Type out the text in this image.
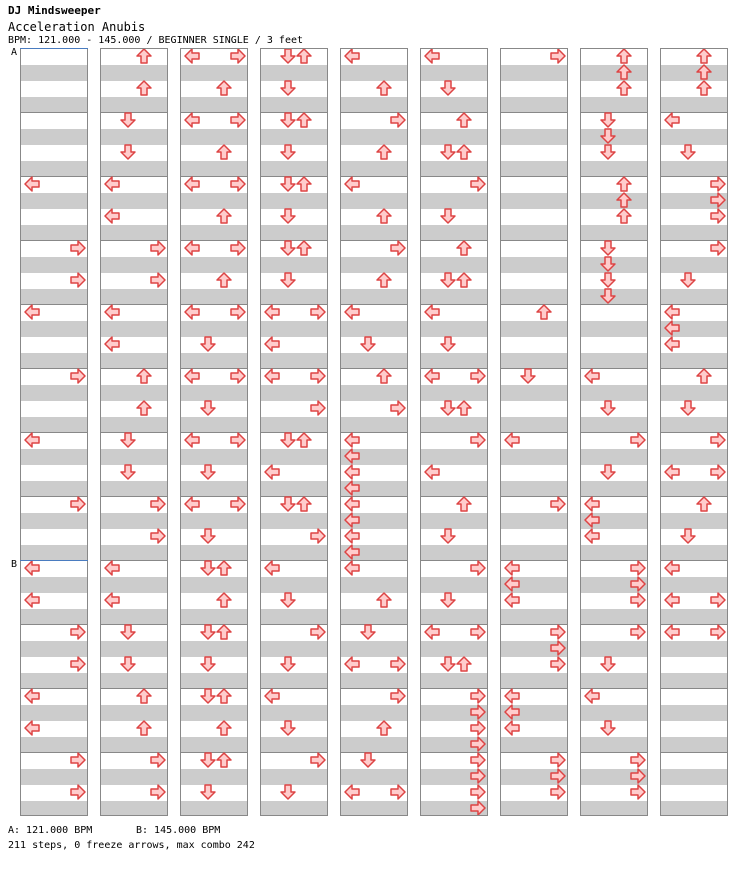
DJ Mindsweeper
Acceleration Anubis
BPM: 121.000 - 145.000 / BEGINNER SINGLE / 3 feet
A
B
A: 121.000 BPM	B: 145.000 BPM
211 steps, 0 freeze arrows, max combo 242
